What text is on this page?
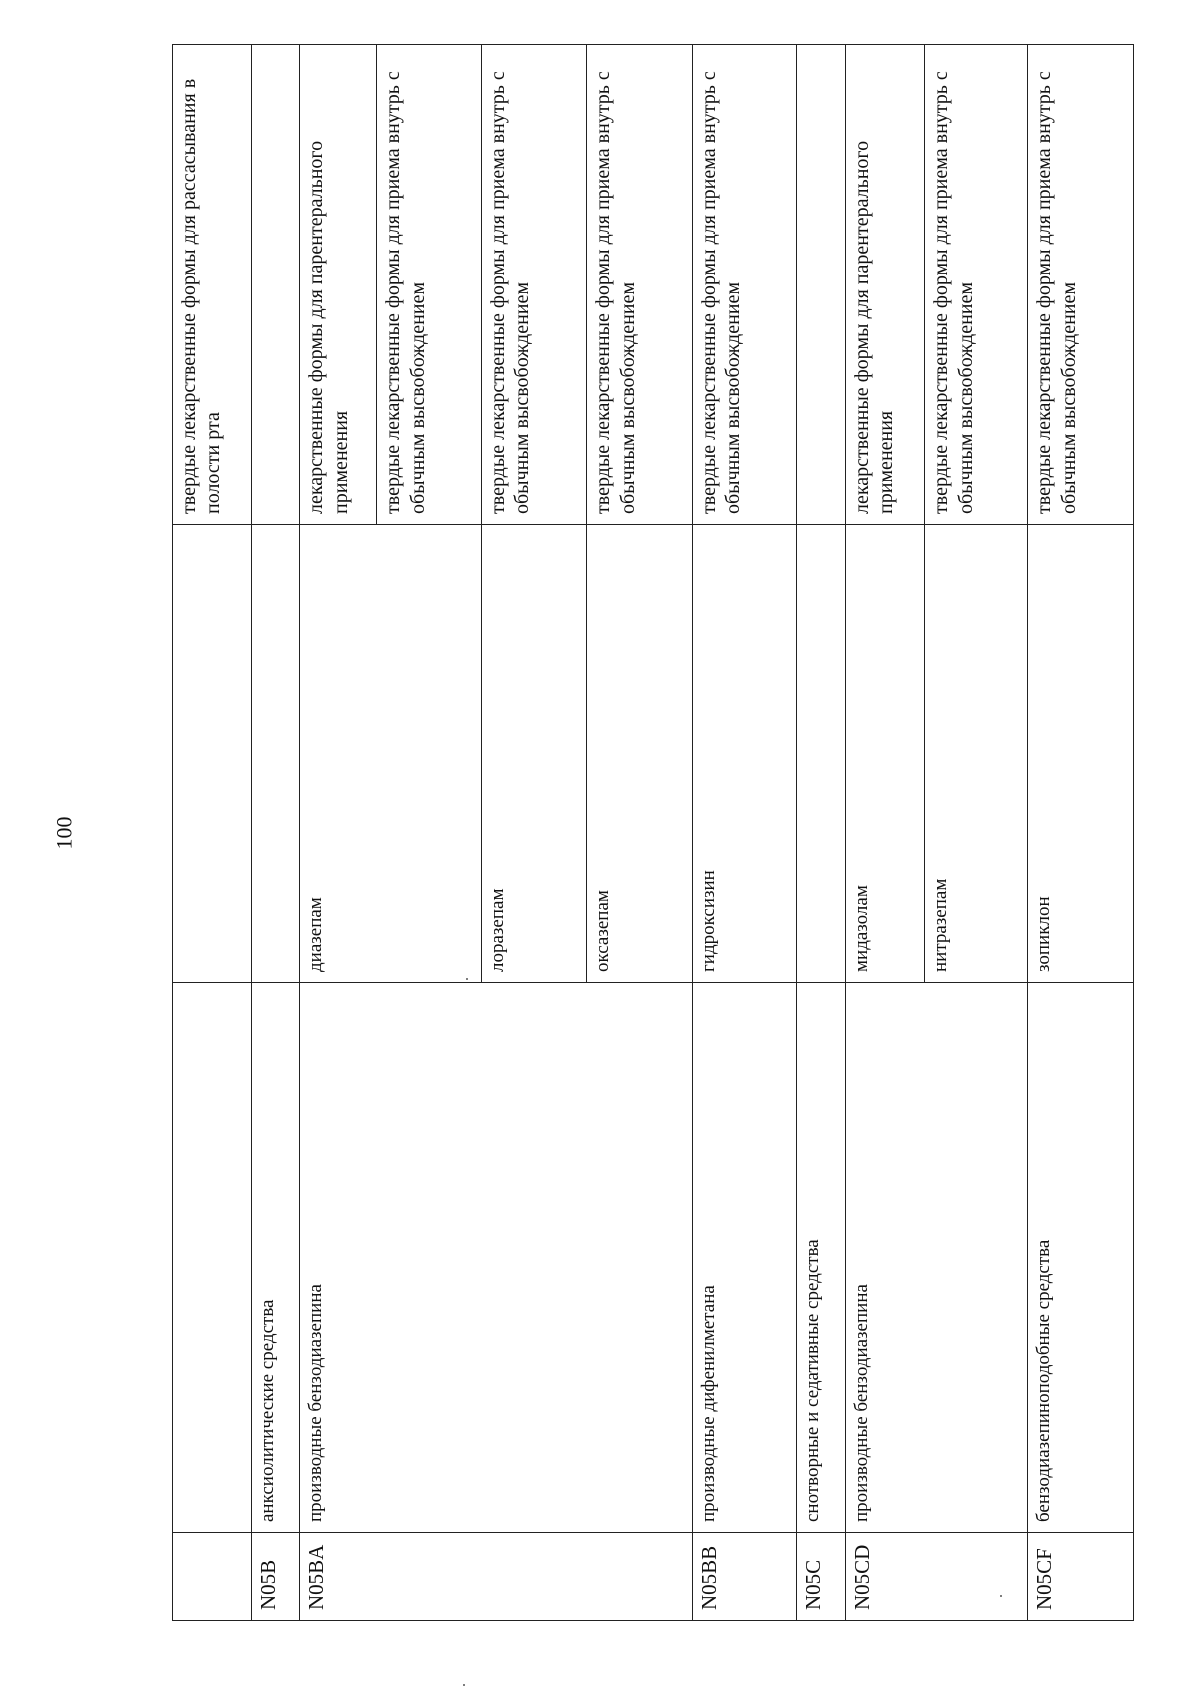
100
			твердые лекарственные формы для рассасывания в полости рта
N05B	анксиолитические средства		
N05BA	производные бензодиазепина	диазепам	лекарственные формы для парентерального применения
			твердые лекарственные формы для приема внутрь с обычным высвобождением
		лоразепам	твердые лекарственные формы для приема внутрь с обычным высвобождением
		оксазепам	твердые лекарственные формы для приема внутрь с обычным высвобождением
N05BB	производные дифенилметана	гидроксизин	твердые лекарственные формы для приема внутрь с обычным высвобождением
N05C	снотворные и седативные средства		
N05CD	производные бензодиазепина	мидазолам	лекарственные формы для парентерального применения
		нитразепам	твердые лекарственные формы для приема внутрь с обычным высвобождением
N05CF	бензодиазепиноподобные средства	зопиклон	твердые лекарственные формы для приема внутрь с обычным высвобождением
